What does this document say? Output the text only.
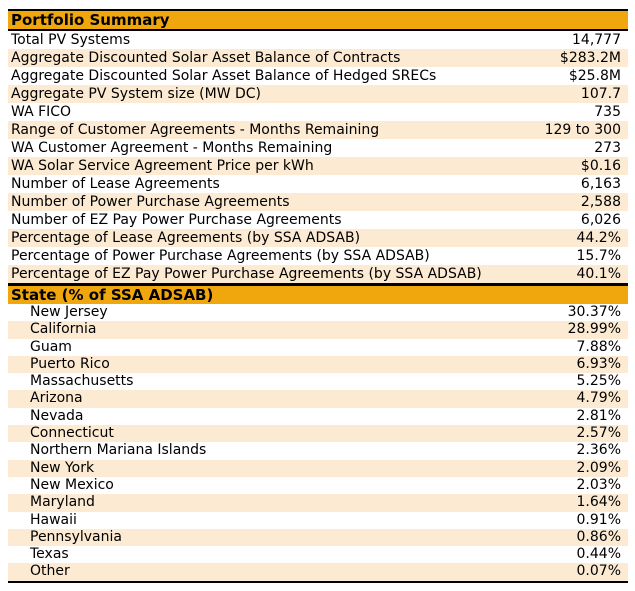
Portfolio Summary
Total PV Systems	14,777
Aggregate Discounted Solar Asset Balance of Contracts	$283.2M
Aggregate Discounted Solar Asset Balance of Hedged SRECs	$25.8M
Aggregate PV System size (MW DC)	107.7
WA FICO	735
Range of Customer Agreements - Months Remaining	129 to 300
WA Customer Agreement - Months Remaining	273
WA Solar Service Agreement Price per kWh	$0.16
Number of Lease Agreements	6,163
Number of Power Purchase Agreements	2,588
Number of EZ Pay Power Purchase Agreements	6,026
Percentage of Lease Agreements (by SSA ADSAB)	44.2%
Percentage of Power Purchase Agreements (by SSA ADSAB)	15.7%
Percentage of EZ Pay Power Purchase Agreements (by SSA ADSAB)	40.1%
State (% of SSA ADSAB)
New Jersey	30.37%
California	28.99%
Guam	7.88%
Puerto Rico	6.93%
Massachusetts	5.25%
Arizona	4.79%
Nevada	2.81%
Connecticut	2.57%
Northern Mariana Islands	2.36%
New York	2.09%
New Mexico	2.03%
Maryland	1.64%
Hawaii	0.91%
Pennsylvania	0.86%
Texas	0.44%
Other	0.07%
